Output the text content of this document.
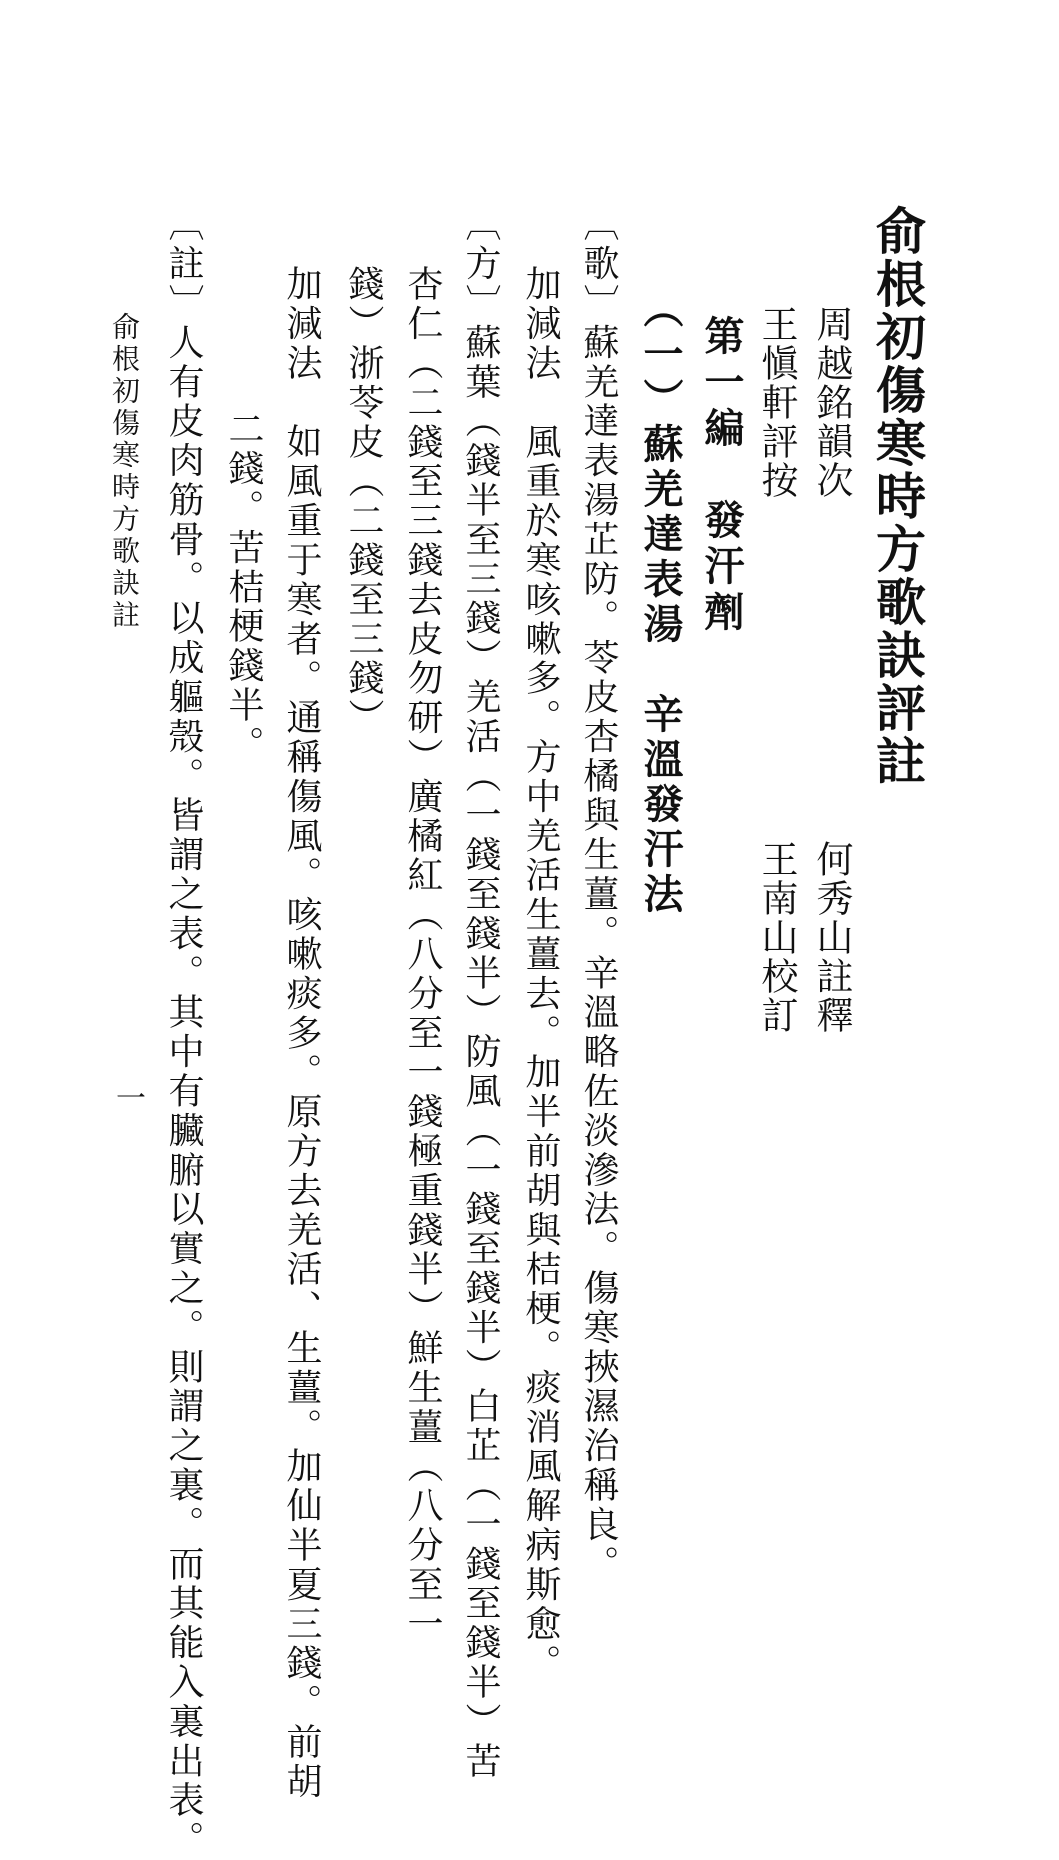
俞根初傷寒時方歌訣評註
周越銘韻次
何秀山註釋
王愼軒評按
王南山校訂
第一編　發汗劑
（一）蘇羌達表湯　辛溫發汗法
〔歌〕蘇羌達表湯芷防。苓皮杏橘與生薑。辛溫略佐淡滲法。傷寒挾濕治稱良。
加減法　風重於寒咳嗽多。方中羌活生薑去。加半前胡與桔梗。痰消風解病斯愈。
〔方〕蘇葉（錢半至三錢）羌活（一錢至錢半）防風（一錢至錢半）白芷（一錢至錢半）苦
杏仁（二錢至三錢去皮勿研）廣橘紅（八分至一錢極重錢半）鮮生薑（八分至一
錢）浙苓皮（二錢至三錢）
加減法　如風重于寒者。通稱傷風。咳嗽痰多。原方去羌活、生薑。加仙半夏三錢。前胡
二錢。苦桔梗錢半。
〔註〕人有皮肉筋骨。以成軀殼。皆謂之表。其中有臟腑以實之。則謂之裏。而其能入裏出表。
俞根初傷寒時方歌訣註
一
